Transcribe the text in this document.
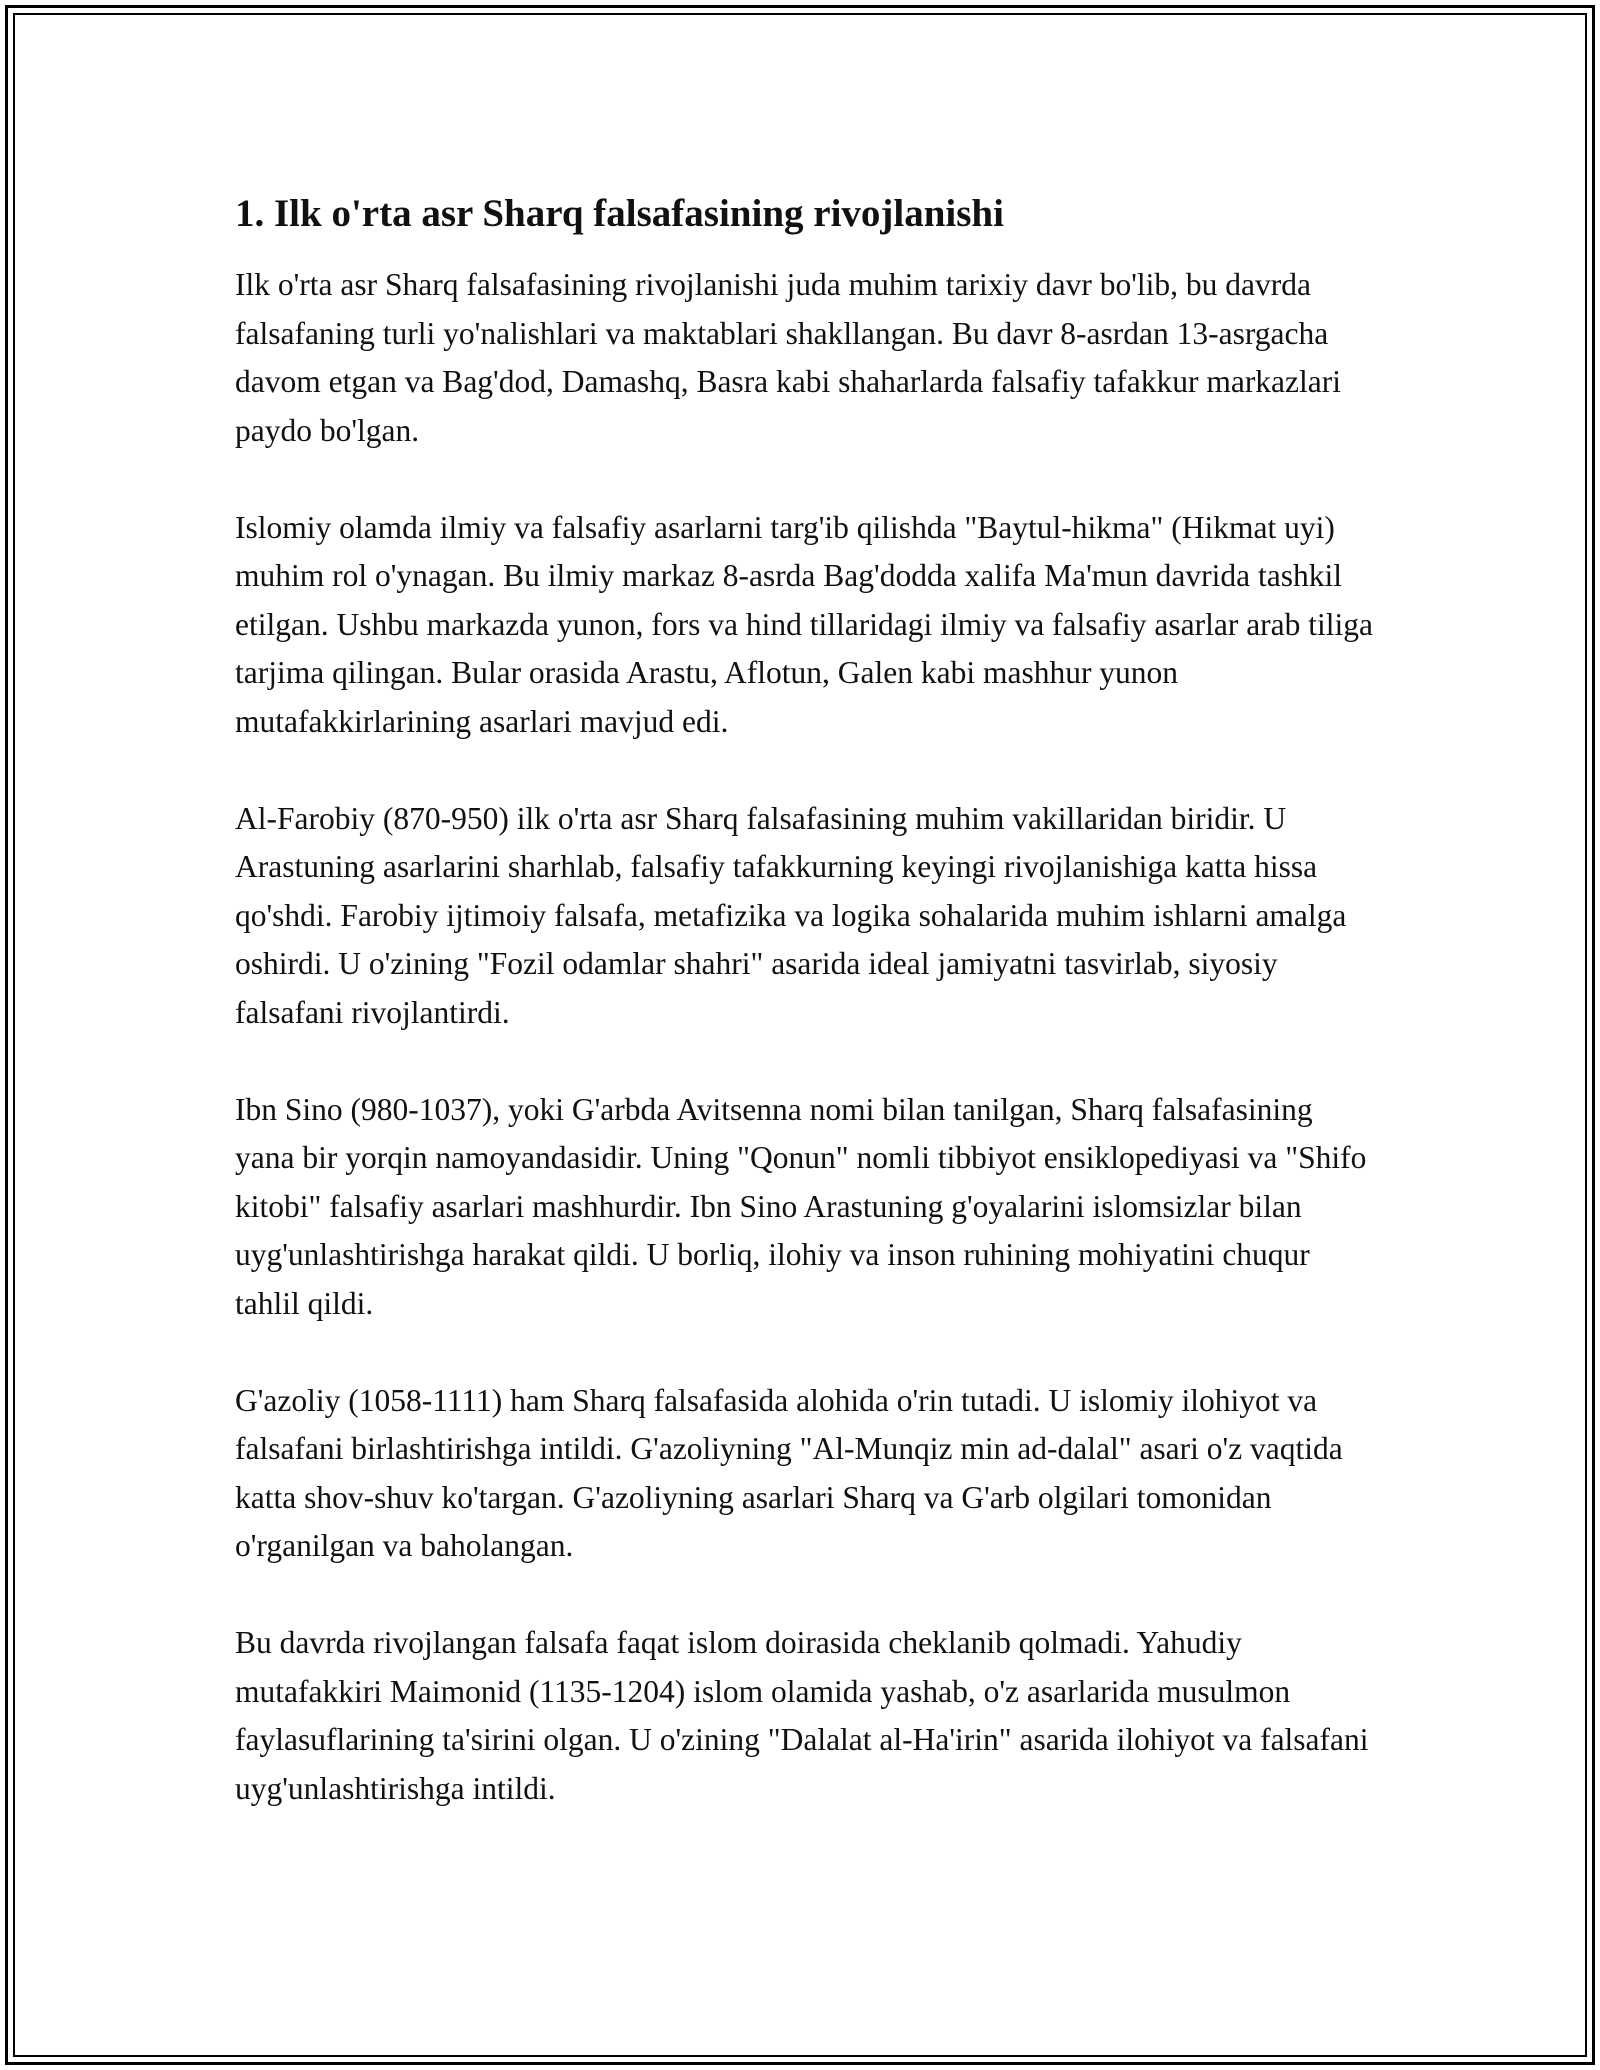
1. Ilk o'rta asr Sharq falsafasining rivojlanishi

Ilk o'rta asr Sharq falsafasining rivojlanishi juda muhim tarixiy davr bo'lib, bu davrda falsafaning turli yo'nalishlari va maktablari shakllangan. Bu davr 8-asrdan 13-asrgacha davom etgan va Bag'dod, Damashq, Basra kabi shaharlarda falsafiy tafakkur markazlari paydo bo'lgan.

Islomiy olamda ilmiy va falsafiy asarlarni targ'ib qilishda "Baytul-hikma" (Hikmat uyi) muhim rol o'ynagan. Bu ilmiy markaz 8-asrda Bag'dodda xalifa Ma'mun davrida tashkil etilgan. Ushbu markazda yunon, fors va hind tillaridagi ilmiy va falsafiy asarlar arab tiliga tarjima qilingan. Bular orasida Arastu, Aflotun, Galen kabi mashhur yunon mutafakkirlarining asarlari mavjud edi.

Al-Farobiy (870-950) ilk o'rta asr Sharq falsafasining muhim vakillaridan biridir. U Arastuning asarlarini sharhlab, falsafiy tafakkurning keyingi rivojlanishiga katta hissa qo'shdi. Farobiy ijtimoiy falsafa, metafizika va logika sohalarida muhim ishlarni amalga oshirdi. U o'zining "Fozil odamlar shahri" asarida ideal jamiyatni tasvirlab, siyosiy falsafani rivojlantirdi.

Ibn Sino (980-1037), yoki G'arbda Avitsenna nomi bilan tanilgan, Sharq falsafasining yana bir yorqin namoyandasidir. Uning "Qonun" nomli tibbiyot ensiklopediyasi va "Shifo kitobi" falsafiy asarlari mashhurdir. Ibn Sino Arastuning g'oyalarini islomsizlar bilan uyg'unlashtirishga harakat qildi. U borliq, ilohiy va inson ruhining mohiyatini chuqur tahlil qildi.

G'azoliy (1058-1111) ham Sharq falsafasida alohida o'rin tutadi. U islomiy ilohiyot va falsafani birlashtirishga intildi. G'azoliyning "Al-Munqiz min ad-dalal" asari o'z vaqtida katta shov-shuv ko'targan. G'azoliyning asarlari Sharq va G'arb olgilari tomonidan o'rganilgan va baholangan.

Bu davrda rivojlangan falsafa faqat islom doirasida cheklanib qolmadi. Yahudiy mutafakkiri Maimonid (1135-1204) islom olamida yashab, o'z asarlarida musulmon faylasuflarining ta'sirini olgan. U o'zining "Dalalat al-Ha'irin" asarida ilohiyot va falsafani uyg'unlashtirishga intildi.
